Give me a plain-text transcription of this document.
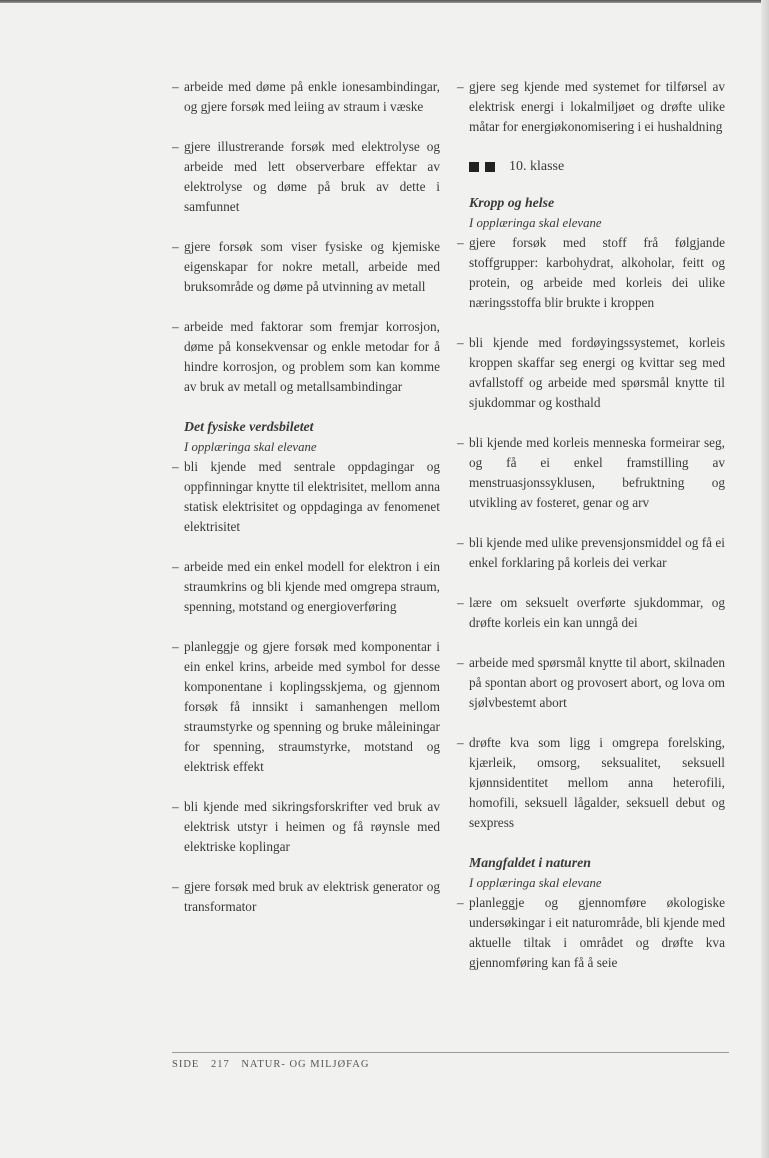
– arbeide med døme på enkle ionesambindingar, og gjere forsøk med leiing av straum i væske
– gjere illustrerande forsøk med elektrolyse og arbeide med lett observerbare effektar av elektrolyse og døme på bruk av dette i samfunnet
– gjere forsøk som viser fysiske og kjemiske eigenskapar for nokre metall, arbeide med bruksområde og døme på utvinning av metall
– arbeide med faktorar som fremjar korrosjon, døme på konsekvensar og enkle metodar for å hindre korrosjon, og problem som kan komme av bruk av metall og metallsambindingar
Det fysiske verdsbiletet
I opplæringa skal elevane
– bli kjende med sentrale oppdagingar og oppfinningar knytte til elektrisitet, mellom anna statisk elektrisitet og oppdaginga av fenomenet elektrisitet
– arbeide med ein enkel modell for elektron i ein straumkrins og bli kjende med omgrepa straum, spenning, motstand og energioverføring
– planleggje og gjere forsøk med komponentar i ein enkel krins, arbeide med symbol for desse komponentane i koplingsskjema, og gjennom forsøk få innsikt i samanhengen mellom straumstyrke og spenning og bruke måleiningar for spenning, straumstyrke, motstand og elektrisk effekt
– bli kjende med sikringsforskrifter ved bruk av elektrisk utstyr i heimen og få røynsle med elektriske koplingar
– gjere forsøk med bruk av elektrisk generator og transformator
– gjere seg kjende med systemet for tilførsel av elektrisk energi i lokalmiljøet og drøfte ulike måtar for energiøkonomisering i ei hushaldning
10. klasse
Kropp og helse
I opplæringa skal elevane
– gjere forsøk med stoff frå følgjande stoffgrupper: karbohydrat, alkoholar, feitt og protein, og arbeide med korleis dei ulike næringsstoffa blir brukte i kroppen
– bli kjende med fordøyingssystemet, korleis kroppen skaffar seg energi og kvittar seg med avfallstoff og arbeide med spørsmål knytte til sjukdommar og kosthald
– bli kjende med korleis menneska formeirar seg, og få ei enkel framstilling av menstruasjonssyklusen, befruktning og utvikling av fosteret, genar og arv
– bli kjende med ulike prevensjonsmiddel og få ei enkel forklaring på korleis dei verkar
– lære om seksuelt overførte sjukdommar, og drøfte korleis ein kan unngå dei
– arbeide med spørsmål knytte til abort, skilnaden på spontan abort og provosert abort, og lova om sjølvbestemt abort
– drøfte kva som ligg i omgrepa forelsking, kjærleik, omsorg, seksualitet, seksuell kjønnsidentitet mellom anna heterofili, homofili, seksuell lågalder, seksuell debut og sexpress
Mangfaldet i naturen
I opplæringa skal elevane
– planleggje og gjennomføre økologiske undersøkingar i eit naturområde, bli kjende med aktuelle tiltak i området og drøfte kva gjennomføring kan få å seie
SIDE 217 NATUR- OG MILJØFAG
